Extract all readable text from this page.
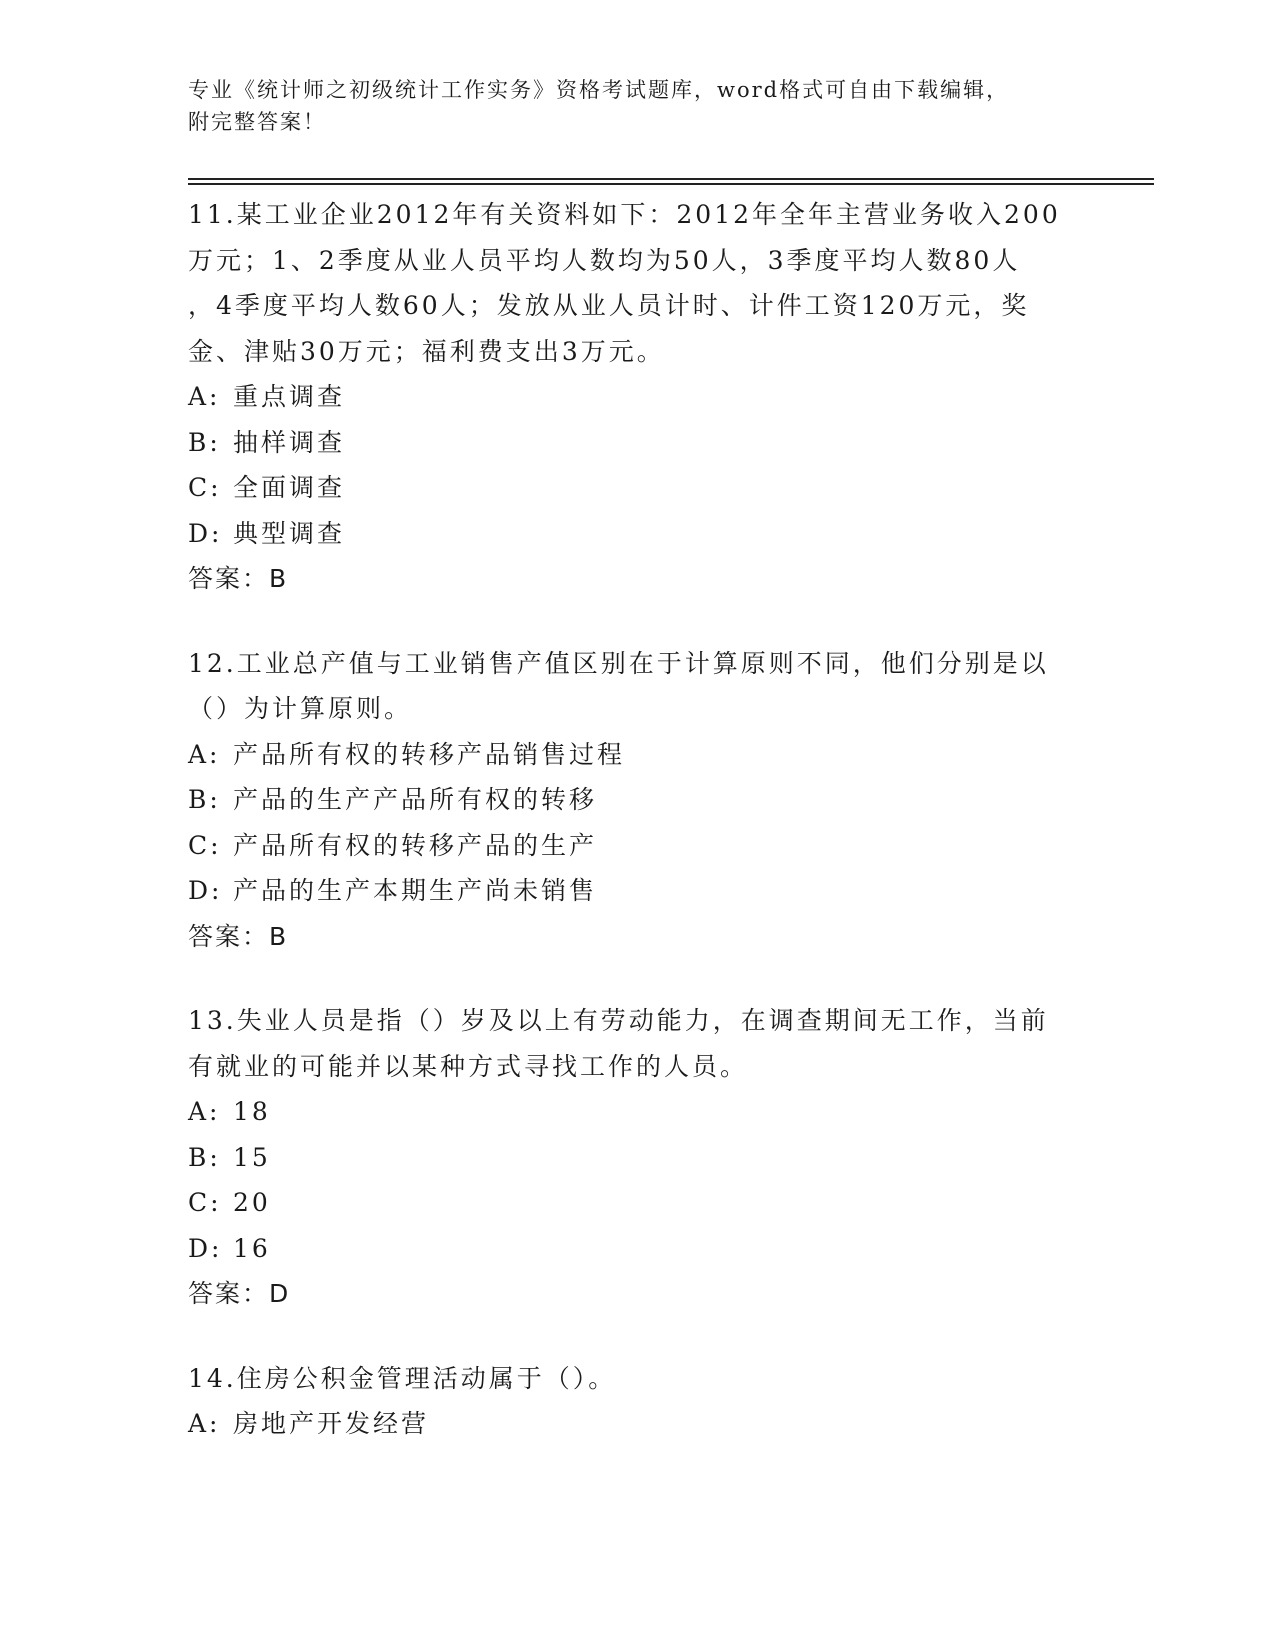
专业《统计师之初级统计工作实务》资格考试题库，word格式可自由下载编辑，
附完整答案！

11.某工业企业2012年有关资料如下：2012年全年主营业务收入200

万元；1、2季度从业人员平均人数均为50人，3季度平均人数80人

，4季度平均人数60人；发放从业人员计时、计件工资120万元，奖

金、津贴30万元；福利费支出3万元。

A: 重点调查

B: 抽样调查

C: 全面调查

D: 典型调查

答案：B

12.工业总产值与工业销售产值区别在于计算原则不同，他们分别是以

（）为计算原则。

A: 产品所有权的转移产品销售过程

B: 产品的生产产品所有权的转移

C: 产品所有权的转移产品的生产

D: 产品的生产本期生产尚未销售

答案：B

13.失业人员是指（）岁及以上有劳动能力，在调查期间无工作，当前

有就业的可能并以某种方式寻找工作的人员。

A: 18

B: 15

C: 20

D: 16

答案：D

14.住房公积金管理活动属于（）。

A: 房地产开发经营
